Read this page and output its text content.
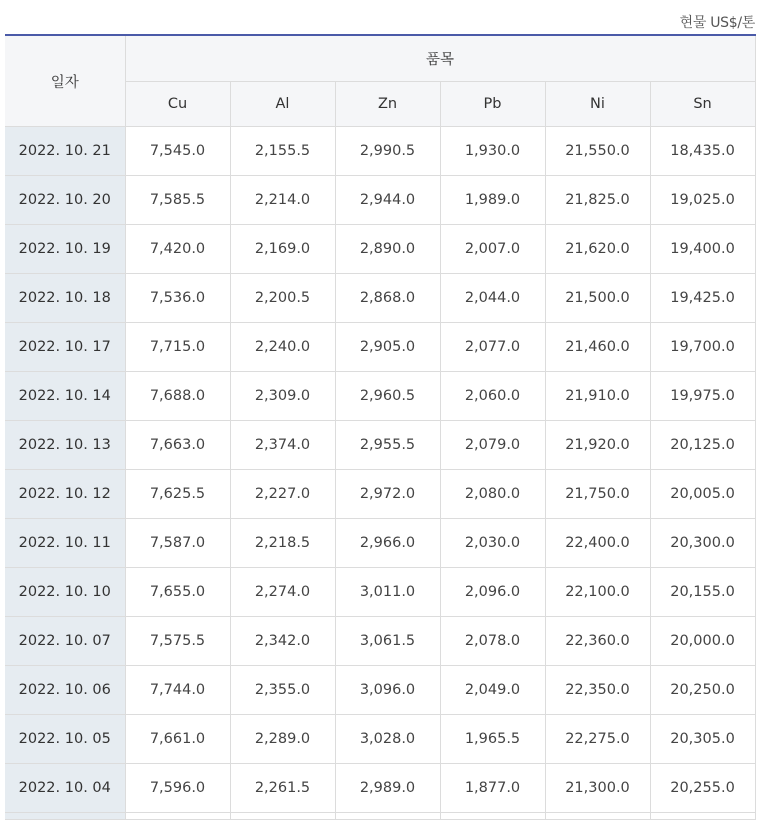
현물 US$/톤
일자	품목					
	Cu	Al	Zn	Pb	Ni	Sn
2022. 10. 21	7,545.0	2,155.5	2,990.5	1,930.0	21,550.0	18,435.0
2022. 10. 20	7,585.5	2,214.0	2,944.0	1,989.0	21,825.0	19,025.0
2022. 10. 19	7,420.0	2,169.0	2,890.0	2,007.0	21,620.0	19,400.0
2022. 10. 18	7,536.0	2,200.5	2,868.0	2,044.0	21,500.0	19,425.0
2022. 10. 17	7,715.0	2,240.0	2,905.0	2,077.0	21,460.0	19,700.0
2022. 10. 14	7,688.0	2,309.0	2,960.5	2,060.0	21,910.0	19,975.0
2022. 10. 13	7,663.0	2,374.0	2,955.5	2,079.0	21,920.0	20,125.0
2022. 10. 12	7,625.5	2,227.0	2,972.0	2,080.0	21,750.0	20,005.0
2022. 10. 11	7,587.0	2,218.5	2,966.0	2,030.0	22,400.0	20,300.0
2022. 10. 10	7,655.0	2,274.0	3,011.0	2,096.0	22,100.0	20,155.0
2022. 10. 07	7,575.5	2,342.0	3,061.5	2,078.0	22,360.0	20,000.0
2022. 10. 06	7,744.0	2,355.0	3,096.0	2,049.0	22,350.0	20,250.0
2022. 10. 05	7,661.0	2,289.0	3,028.0	1,965.5	22,275.0	20,305.0
2022. 10. 04	7,596.0	2,261.5	2,989.0	1,877.0	21,300.0	20,255.0
